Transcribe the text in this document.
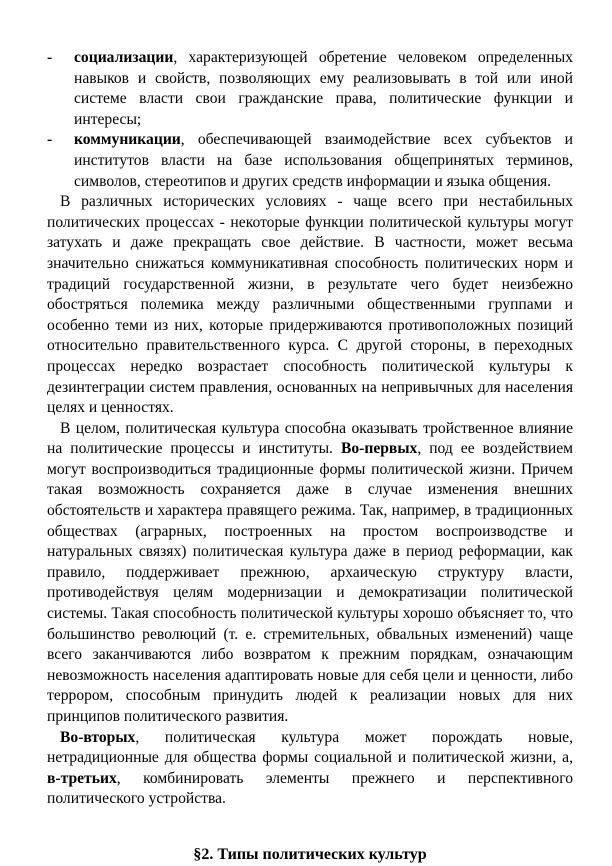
- социализации, характеризующей обретение человеком определенных навыков и свойств, позволяющих ему реализовывать в той или иной системе власти свои гражданские права, политические функции и интересы;
- коммуникации, обеспечивающей взаимодействие всех субъектов и институтов власти на базе использования общепринятых терминов, символов, стереотипов и других средств информации и языка общения.

В различных исторических условиях - чаще всего при нестабильных политических процессах - некоторые функции политической культуры могут затухать и даже прекращать свое действие. В частности, может весьма значительно снижаться коммуникативная способность политических норм и традиций государственной жизни, в результате чего будет неизбежно обостряться полемика между различными общественными группами и особенно теми из них, которые придерживаются противоположных позиций относительно правительственного курса. С другой стороны, в переходных процессах нередко возрастает способность политической культуры к дезинтеграции систем правления, основанных на непривычных для населения целях и ценностях.

В целом, политическая культура способна оказывать тройственное влияние на политические процессы и институты. Во-первых, под ее воздействием могут воспроизводиться традиционные формы политической жизни. Причем такая возможность сохраняется даже в случае изменения внешних обстоятельств и характера правящего режима. Так, например, в традиционных обществах (аграрных, построенных на простом воспроизводстве и натуральных связях) политическая культура даже в период реформации, как правило, поддерживает прежнюю, архаическую структуру власти, противодействуя целям модернизации и демократизации политической системы. Такая способность политической культуры хорошо объясняет то, что большинство революций (т. е. стремительных, обвальных изменений) чаще всего заканчиваются либо возвратом к прежним порядкам, означающим невозможность населения адаптировать новые для себя цели и ценности, либо террором, способным принудить людей к реализации новых для них принципов политического развития.

Во-вторых, политическая культура может порождать новые, нетрадиционные для общества формы социальной и политической жизни, а, в-третьих, комбинировать элементы прежнего и перспективного политического устройства.

§2. Типы политических культур
